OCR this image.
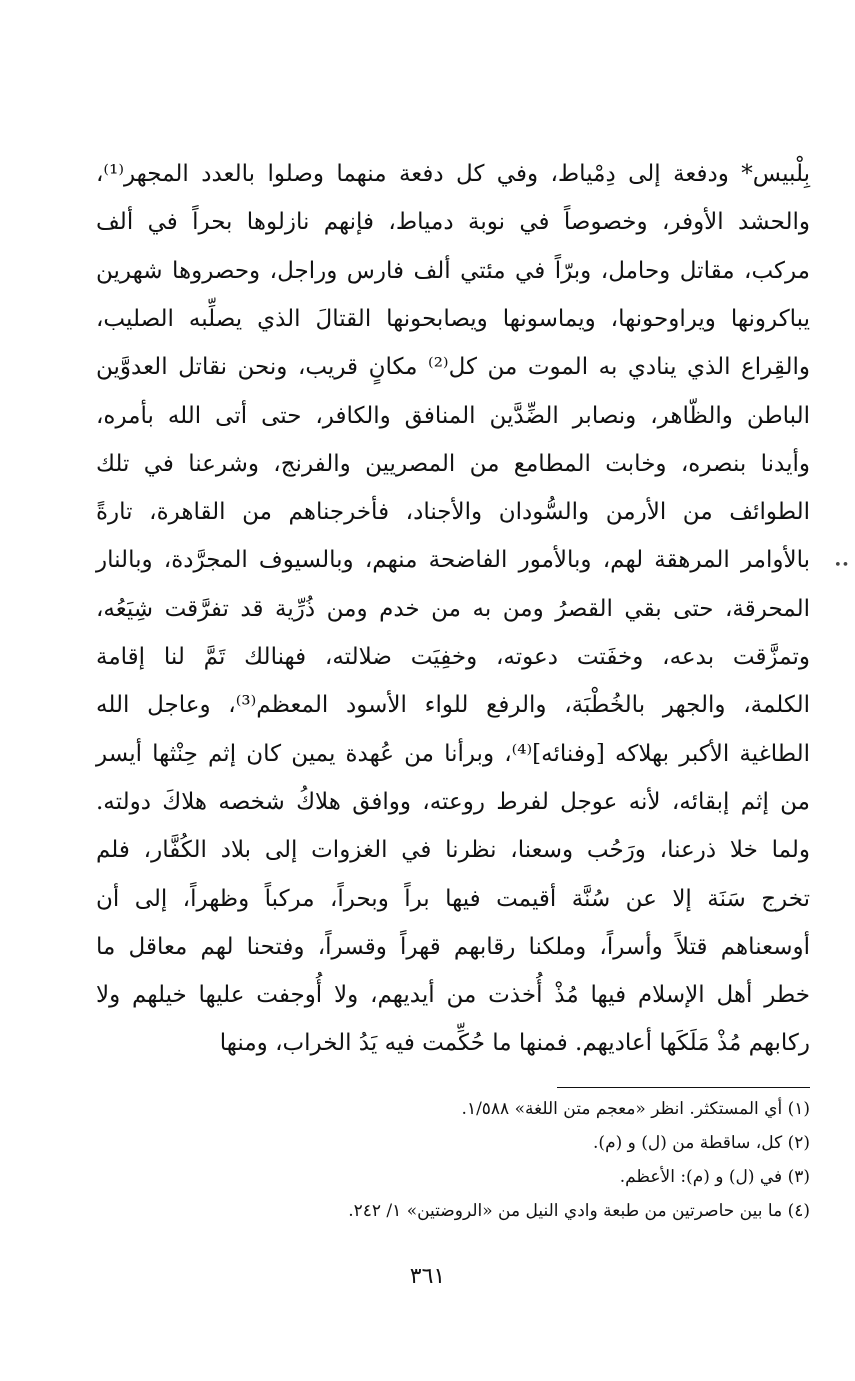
••
بِلْبيس* ودفعة إلى دِمْياط، وفي كل دفعة منهما وصلوا بالعدد المجهر⁽¹⁾،
والحشد الأوفر، وخصوصاً في نوبة دمياط، فإنهم نازلوها بحراً في ألف
مركب، مقاتل وحامل، وبرّاً في مئتي ألف فارس وراجل، وحصروها شهرين
يباكرونها ويراوحونها، ويماسونها ويصابحونها القتالَ الذي يصلِّبه الصليب،
والقِراع الذي ينادي به الموت من كل⁽²⁾ مكانٍ قريب، ونحن نقاتل العدوَّين
الباطن والظّاهر، ونصابر الضِّدَّين المنافق والكافر، حتى أتى الله بأمره،
وأيدنا بنصره، وخابت المطامع من المصريين والفرنج، وشرعنا في تلك
الطوائف من الأرمن والسُّودان والأجناد، فأخرجناهم من القاهرة، تارةً
بالأوامر المرهقة لهم، وبالأمور الفاضحة منهم، وبالسيوف المجرَّدة، وبالنار
المحرقة، حتى بقي القصرُ ومن به من خدم ومن ذُرِّية قد تفرَّقت شِيَعُه،
وتمزَّقت بدعه، وخفَتت دعوته، وخفِيَت ضلالته، فهنالك تَمَّ لنا إقامة
الكلمة، والجهر بالخُطْبَة، والرفع للواء الأسود المعظم⁽³⁾، وعاجل الله
الطاغية الأكبر بهلاكه [وفنائه]⁽⁴⁾، وبرأنا من عُهدة يمين كان إثم حِنْثها أيسر
من إثم إبقائه، لأنه عوجل لفرط روعته، ووافق هلاكُ شخصه هلاكَ دولته.
ولما خلا ذرعنا، ورَحُب وسعنا، نظرنا في الغزوات إلى بلاد الكُفَّار، فلم
تخرج سَنَة إلا عن سُنَّة أقيمت فيها براً وبحراً، مركباً وظهراً، إلى أن
أوسعناهم قتلاً وأسراً، وملكنا رقابهم قهراً وقسراً، وفتحنا لهم معاقل ما
خطر أهل الإسلام فيها مُذْ أُخذت من أيديهم، ولا أُوجفت عليها خيلهم ولا
ركابهم مُذْ مَلَكَها أعاديهم. فمنها ما حُكِّمت فيه يَدُ الخراب، ومنها
(١) أي المستكثر. انظر «معجم متن اللغة» ١/٥٨٨.
(٢) كل، ساقطة من (ل) و (م).
(٣) في (ل) و (م): الأعظم.
(٤) ما بين حاصرتين من طبعة وادي النيل من «الروضتين» ١/ ٢٤٢.
٣٦١
